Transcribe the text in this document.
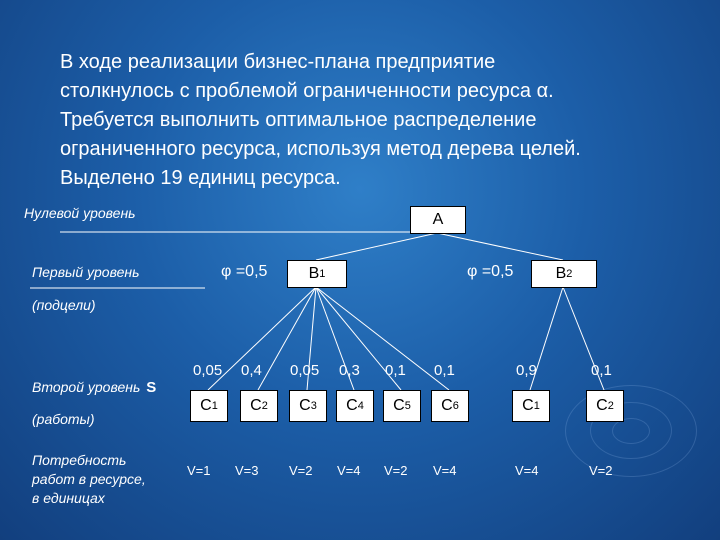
В ходе реализации бизнес-плана предприятие
столкнулось с проблемой ограниченности ресурса α.
Требуется выполнить оптимальное распределение
ограниченного ресурса, используя метод дерева целей.
Выделено 19 единиц ресурса.
Нулевой уровень
Первый уровень
(подцели)
Второй уровень S
(работы)
Потребность
работ в ресурсе,
в единицах
A
B 1	B 2
φ =0,5	φ =0,5
0,05 0,4 0,05 0,3 0,1 0,1	0,9	0,1
C 1 C 2 C 3 C 4 C 5 C 6	C 1	C 2
V=1 V=3 V=2 V=4 V=2 V=4	V=4	V=2
